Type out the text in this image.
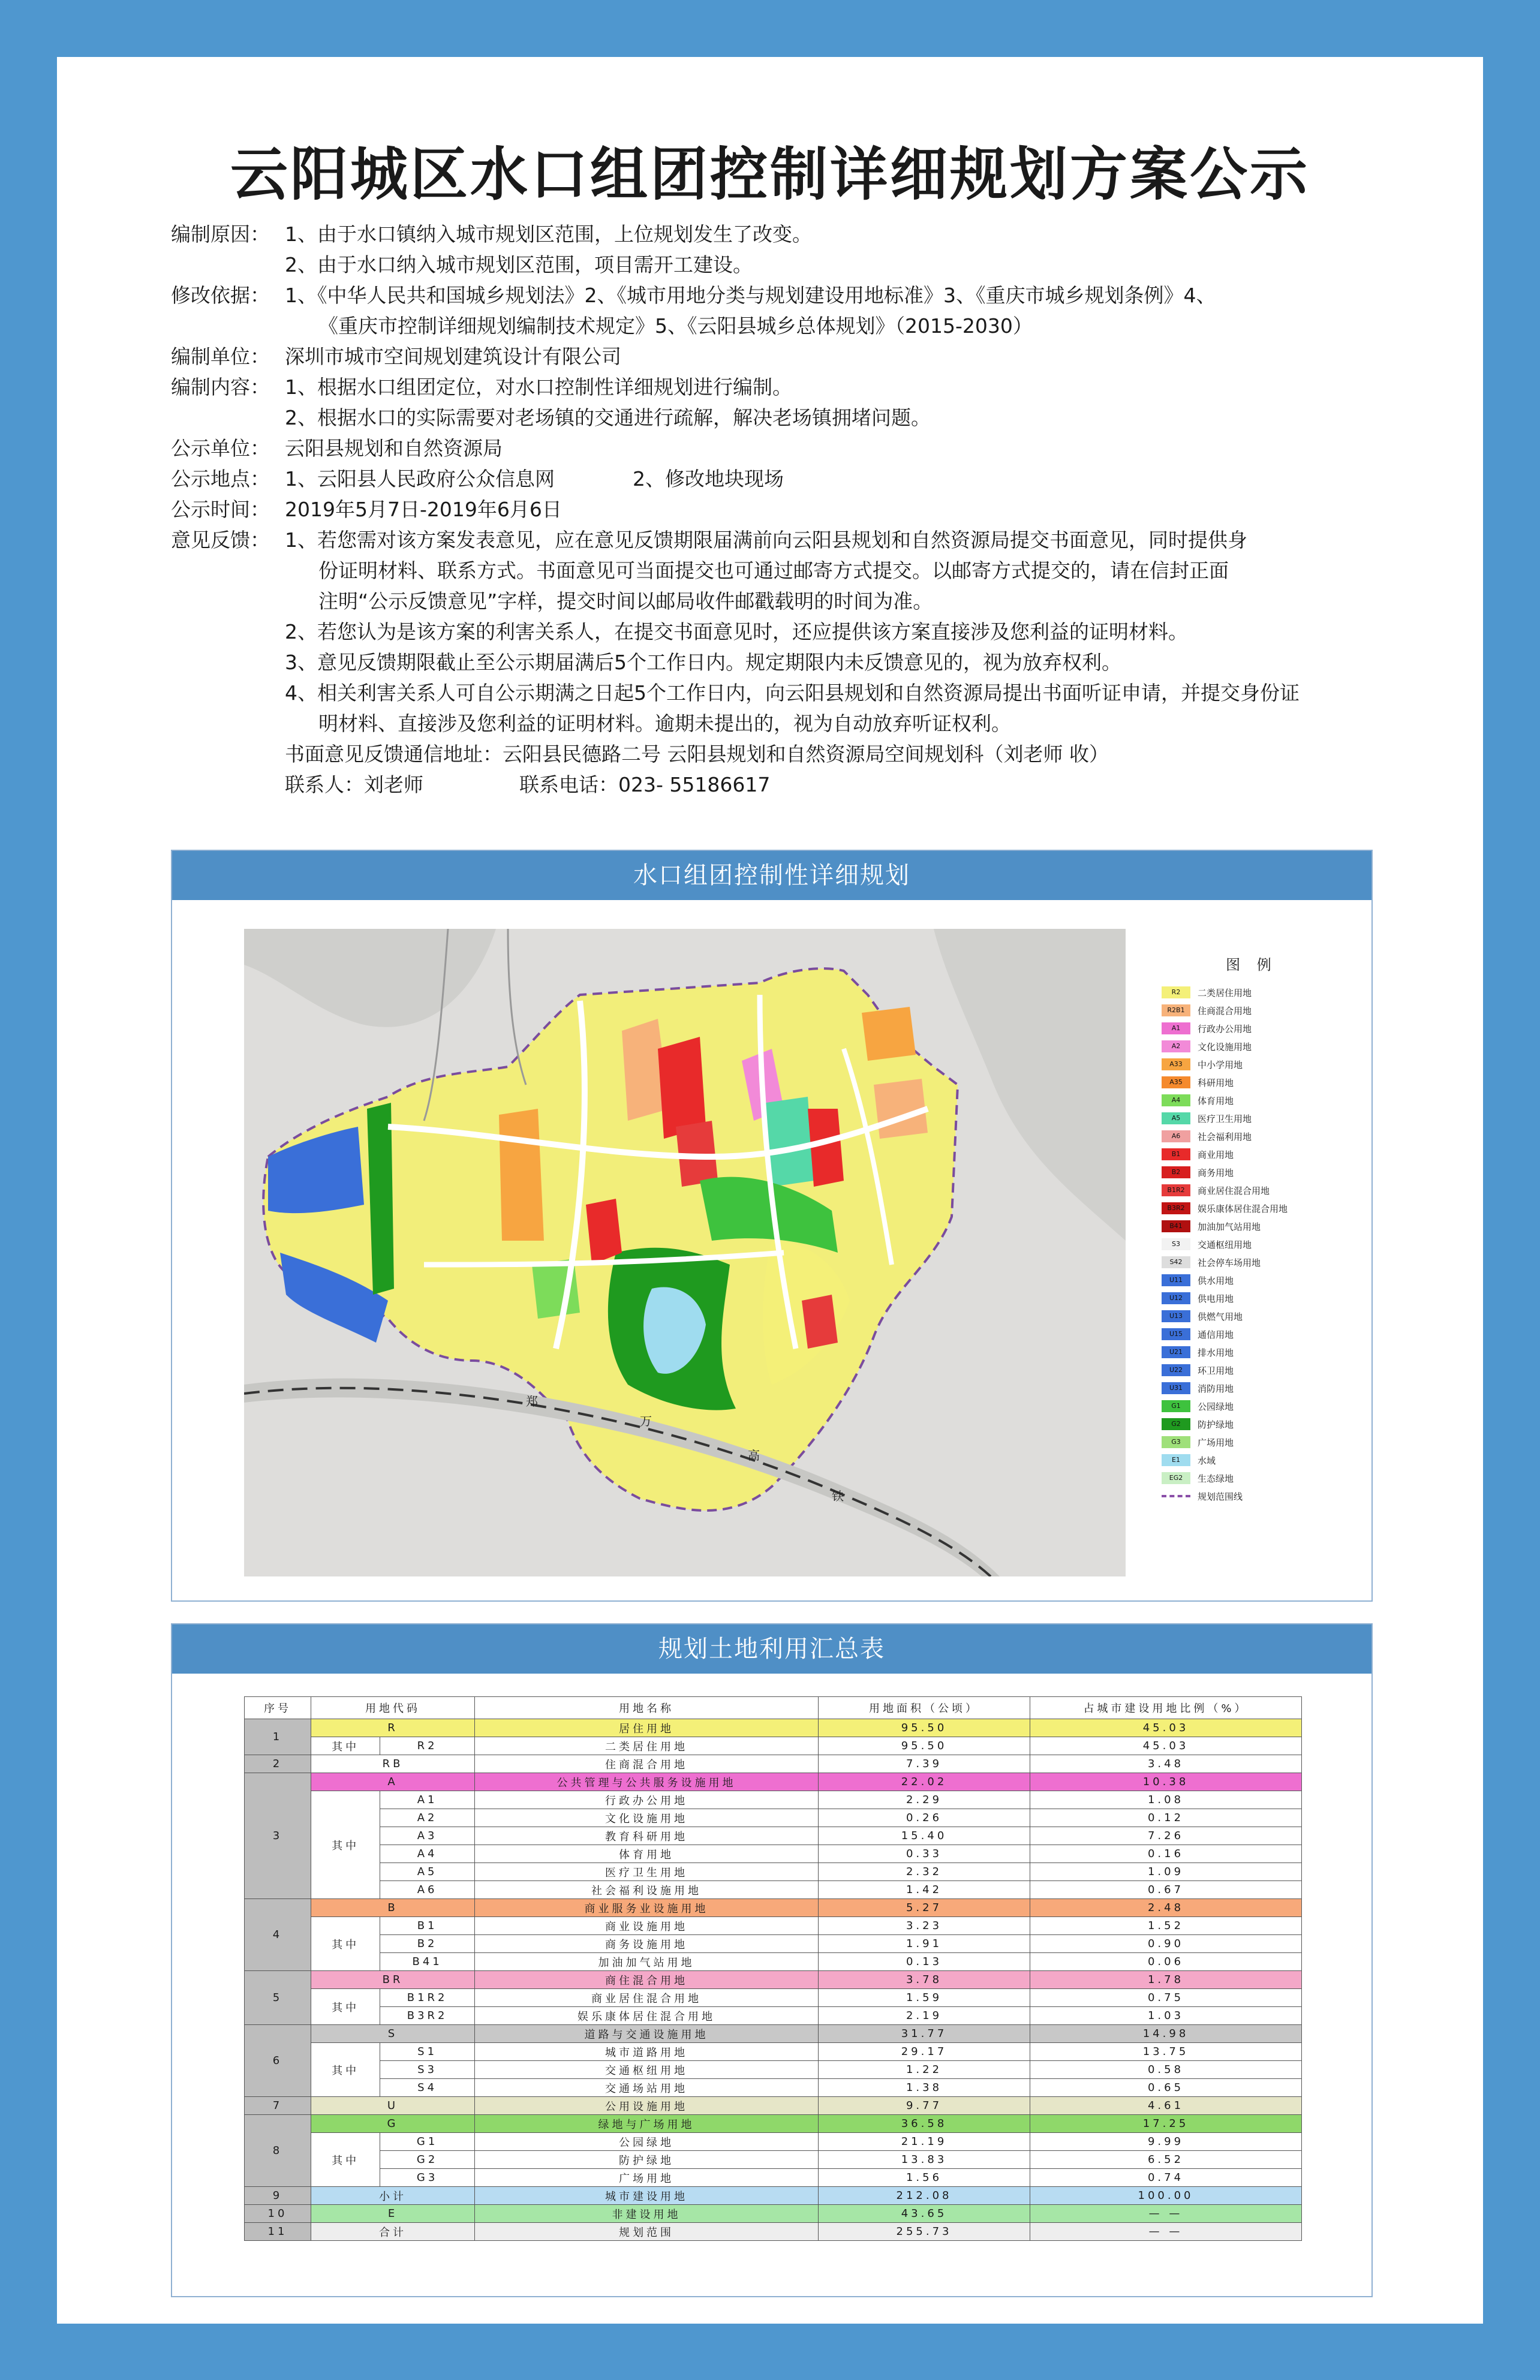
云阳城区水口组团控制详细规划方案公示
编制原因： 1、由于水口镇纳入城市规划区范围，上位规划发生了改变。
2、由于水口纳入城市规划区范围，项目需开工建设。
修改依据： 1、《中华人民共和国城乡规划法》2、《城市用地分类与规划建设用地标准》3、《重庆市城乡规划条例》4、
《重庆市控制详细规划编制技术规定》5、《云阳县城乡总体规划》（2015-2030）
编制单位： 深圳市城市空间规划建筑设计有限公司
编制内容： 1、根据水口组团定位，对水口控制性详细规划进行编制。
2、根据水口的实际需要对老场镇的交通进行疏解，解决老场镇拥堵问题。
公示单位： 云阳县规划和自然资源局
公示地点： 1、云阳县人民政府公众信息网	2、修改地块现场
公示时间： 2019年5月7日-2019年6月6日
意见反馈： 1、若您需对该方案发表意见，应在意见反馈期限届满前向云阳县规划和自然资源局提交书面意见，同时提供身
份证明材料、联系方式。书面意见可当面提交也可通过邮寄方式提交。以邮寄方式提交的，请在信封正面
注明“公示反馈意见”字样，提交时间以邮局收件邮戳载明的时间为准。
2、若您认为是该方案的利害关系人，在提交书面意见时，还应提供该方案直接涉及您利益的证明材料。
3、意见反馈期限截止至公示期届满后5个工作日内。规定期限内未反馈意见的，视为放弃权利。
4、相关利害关系人可自公示期满之日起5个工作日内，向云阳县规划和自然资源局提出书面听证申请，并提交身份证
明材料、直接涉及您利益的证明材料。逾期未提出的，视为自动放弃听证权利。
书面意见反馈通信地址：云阳县民德路二号 云阳县规划和自然资源局空间规划科（刘老师 收）
联系人：刘老师	联系电话：023- 55186617
水口组团控制性详细规划
郑
万
高
铁
图 例
R2	二类居住用地
R2B1	住商混合用地
A1	行政办公用地
A2	文化设施用地
A33	中小学用地
A35	科研用地
A4	体育用地
A5	医疗卫生用地
A6	社会福利用地
B1	商业用地
B2	商务用地
B1R2	商业居住混合用地
B3R2	娱乐康体居住混合用地
B41	加油加气站用地
S3	交通枢纽用地
S42	社会停车场用地
U11	供水用地
U12	供电用地
U13	供燃气用地
U15	通信用地
U21	排水用地
U22	环卫用地
U31	消防用地
G1	公园绿地
G2	防护绿地
G3	广场用地
E1	水域
EG2	生态绿地
规划范围线
规划土地利用汇总表
序号	用地代码		用地名称	用地面积（公顷）	占城市建设用地比例（%）
1	R		居住用地	95.50	45.03
	其中	R2	二类居住用地	95.50	45.03
2	RB		住商混合用地	7.39	3.48
3	A		公共管理与公共服务设施用地	22.02	10.38
	其中	A1	行政办公用地	2.29	1.08
		A2	文化设施用地	0.26	0.12
		A3	教育科研用地	15.40	7.26
		A4	体育用地	0.33	0.16
		A5	医疗卫生用地	2.32	1.09
		A6	社会福利设施用地	1.42	0.67
4	B		商业服务业设施用地	5.27	2.48
	其中	B1	商业设施用地	3.23	1.52
		B2	商务设施用地	1.91	0.90
		B41	加油加气站用地	0.13	0.06
5	BR		商住混合用地	3.78	1.78
	其中	B1R2	商业居住混合用地	1.59	0.75
		B3R2	娱乐康体居住混合用地	2.19	1.03
6	S		道路与交通设施用地	31.77	14.98
	其中	S1	城市道路用地	29.17	13.75
		S3	交通枢纽用地	1.22	0.58
		S4	交通场站用地	1.38	0.65
7	U		公用设施用地	9.77	4.61
8	G		绿地与广场用地	36.58	17.25
	其中	G1	公园绿地	21.19	9.99
		G2	防护绿地	13.83	6.52
		G3	广场用地	1.56	0.74
9	小计		城市建设用地	212.08	100.00
10	E		非建设用地	43.65	— —
11	合计		规划范围	255.73	— —
